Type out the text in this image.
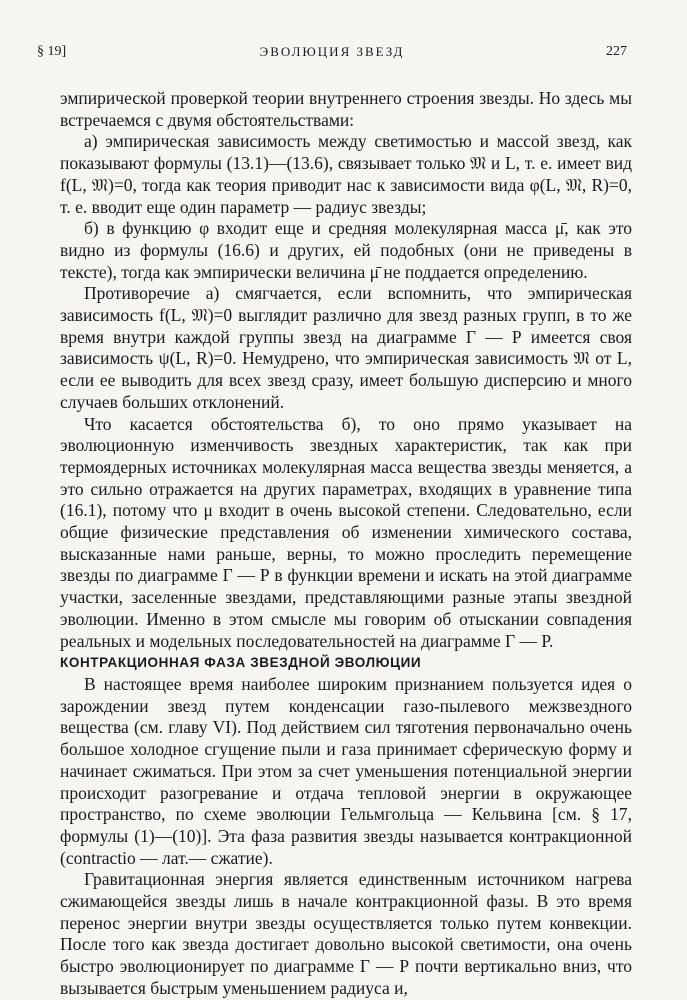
§ 19]	ЭВОЛЮЦИЯ ЗВЕЗД	227

эмпирической проверкой теории внутреннего строения звезды. Но здесь мы встречаемся с двумя обстоятельствами:

а) эмпирическая зависимость между светимостью и массой звезд, как показывают формулы (13.1)—(13.6), связывает только 𝔐 и L, т. е. имеет вид f(L, 𝔐)=0, тогда как теория приводит нас к зависимости вида φ(L, 𝔐, R)=0, т. е. вводит еще один параметр — радиус звезды;

б) в функцию φ входит еще и средняя молекулярная масса μ̄, как это видно из формулы (16.6) и других, ей подобных (они не приведены в тексте), тогда как эмпирически величина μ̄ не поддается определению.

Противоречие а) смягчается, если вспомнить, что эмпирическая зависимость f(L, 𝔐)=0 выглядит различно для звезд разных групп, в то же время внутри каждой группы звезд на диаграмме Г — Р имеется своя зависимость ψ(L, R)=0. Немудрено, что эмпирическая зависимость 𝔐 от L, если ее выводить для всех звезд сразу, имеет большую дисперсию и много случаев больших отклонений.

Что касается обстоятельства б), то оно прямо указывает на эволюционную изменчивость звездных характеристик, так как при термоядерных источниках молекулярная масса вещества звезды меняется, а это сильно отражается на других параметрах, входящих в уравнение типа (16.1), потому что μ входит в очень высокой степени. Следовательно, если общие физические представления об изменении химического состава, высказанные нами раньше, верны, то можно проследить перемещение звезды по диаграмме Г — Р в функции времени и искать на этой диаграмме участки, заселенные звездами, представляющими разные этапы звездной эволюции. Именно в этом смысле мы говорим об отыскании совпадения реальных и модельных последовательностей на диаграмме Г — Р.

КОНТРАКЦИОННАЯ ФАЗА ЗВЕЗДНОЙ ЭВОЛЮЦИИ

В настоящее время наиболее широким признанием пользуется идея о зарождении звезд путем конденсации газо-пылевого межзвездного вещества (см. главу VI). Под действием сил тяготения первоначально очень большое холодное сгущение пыли и газа принимает сферическую форму и начинает сжиматься. При этом за счет уменьшения потенциальной энергии происходит разогревание и отдача тепловой энергии в окружающее пространство, по схеме эволюции Гельмгольца — Кельвина [см. § 17, формулы (1)—(10)]. Эта фаза развития звезды называется контракционной (contractio — лат.— сжатие).

Гравитационная энергия является единственным источником нагрева сжимающейся звезды лишь в начале контракционной фазы. В это время перенос энергии внутри звезды осуществляется только путем конвекции. После того как звезда достигает довольно высокой светимости, она очень быстро эволюционирует по диаграмме Г — Р почти вертикально вниз, что вызывается быстрым уменьшением радиуса и,
